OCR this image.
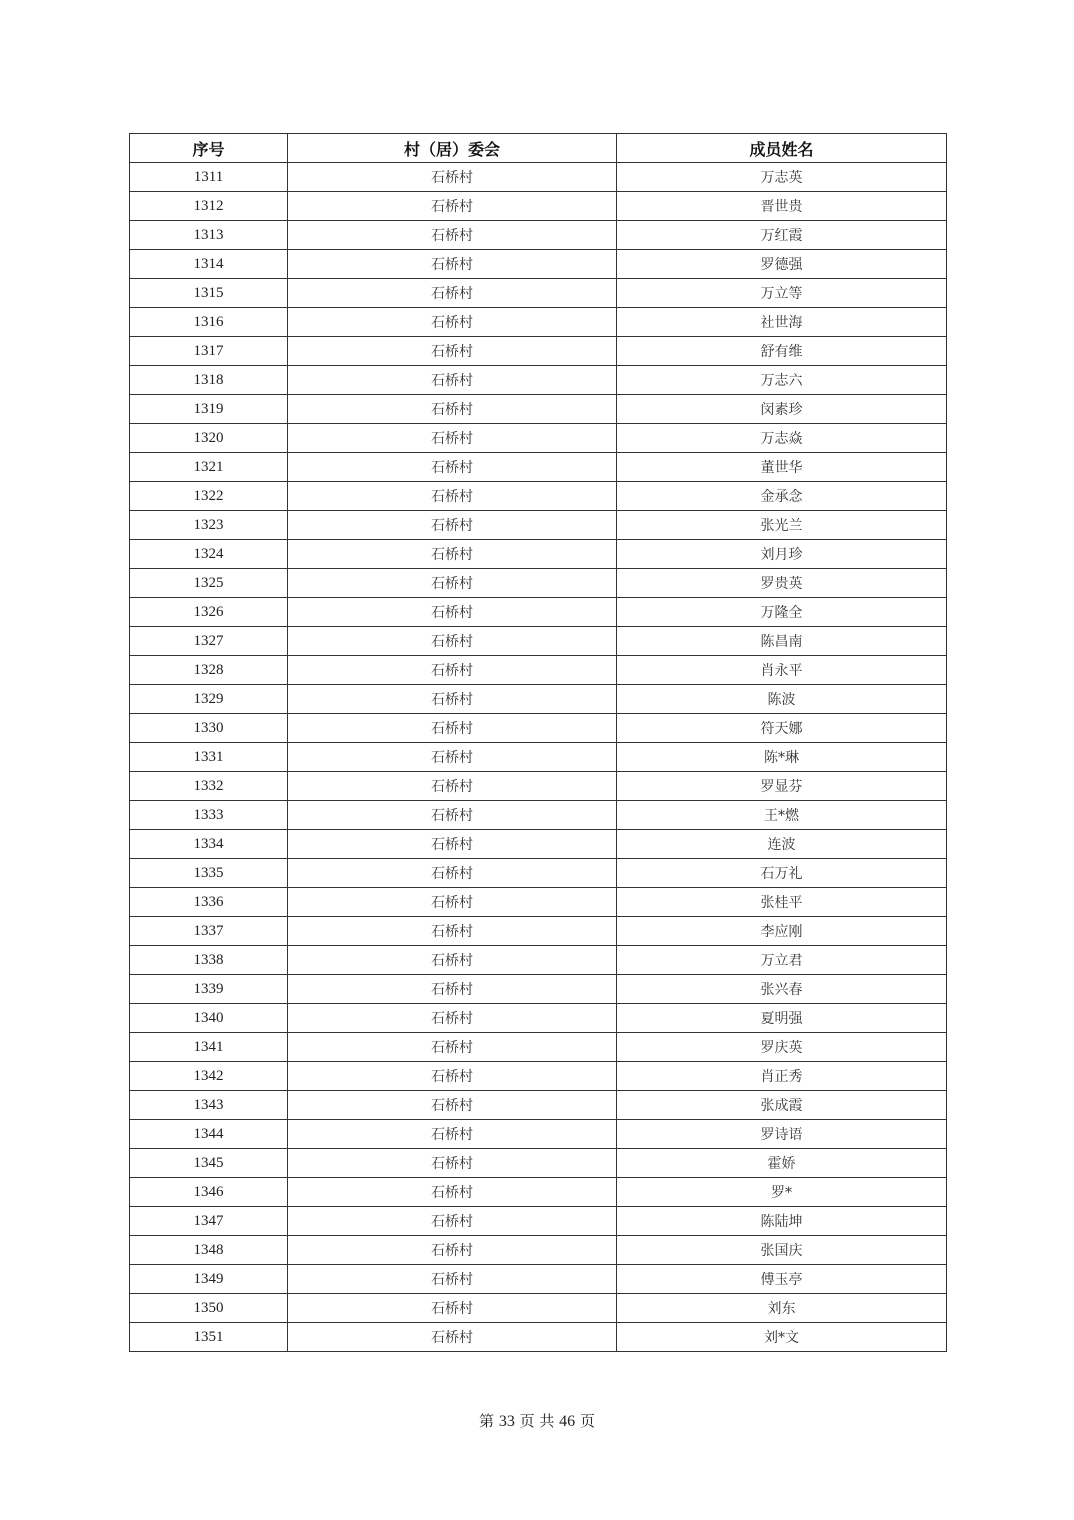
序号	村（居）委会	成员姓名
1311	石桥村	万志英
1312	石桥村	晋世贵
1313	石桥村	万红霞
1314	石桥村	罗德强
1315	石桥村	万立等
1316	石桥村	社世海
1317	石桥村	舒有维
1318	石桥村	万志六
1319	石桥村	闵素珍
1320	石桥村	万志焱
1321	石桥村	董世华
1322	石桥村	金承念
1323	石桥村	张光兰
1324	石桥村	刘月珍
1325	石桥村	罗贵英
1326	石桥村	万隆全
1327	石桥村	陈昌南
1328	石桥村	肖永平
1329	石桥村	陈波
1330	石桥村	符天娜
1331	石桥村	陈*琳
1332	石桥村	罗显芬
1333	石桥村	王*燃
1334	石桥村	连波
1335	石桥村	石万礼
1336	石桥村	张桂平
1337	石桥村	李应刚
1338	石桥村	万立君
1339	石桥村	张兴春
1340	石桥村	夏明强
1341	石桥村	罗庆英
1342	石桥村	肖正秀
1343	石桥村	张成霞
1344	石桥村	罗诗语
1345	石桥村	霍娇
1346	石桥村	罗*
1347	石桥村	陈陆坤
1348	石桥村	张国庆
1349	石桥村	傅玉亭
1350	石桥村	刘东
1351	石桥村	刘*文
第 33 页 共 46 页
